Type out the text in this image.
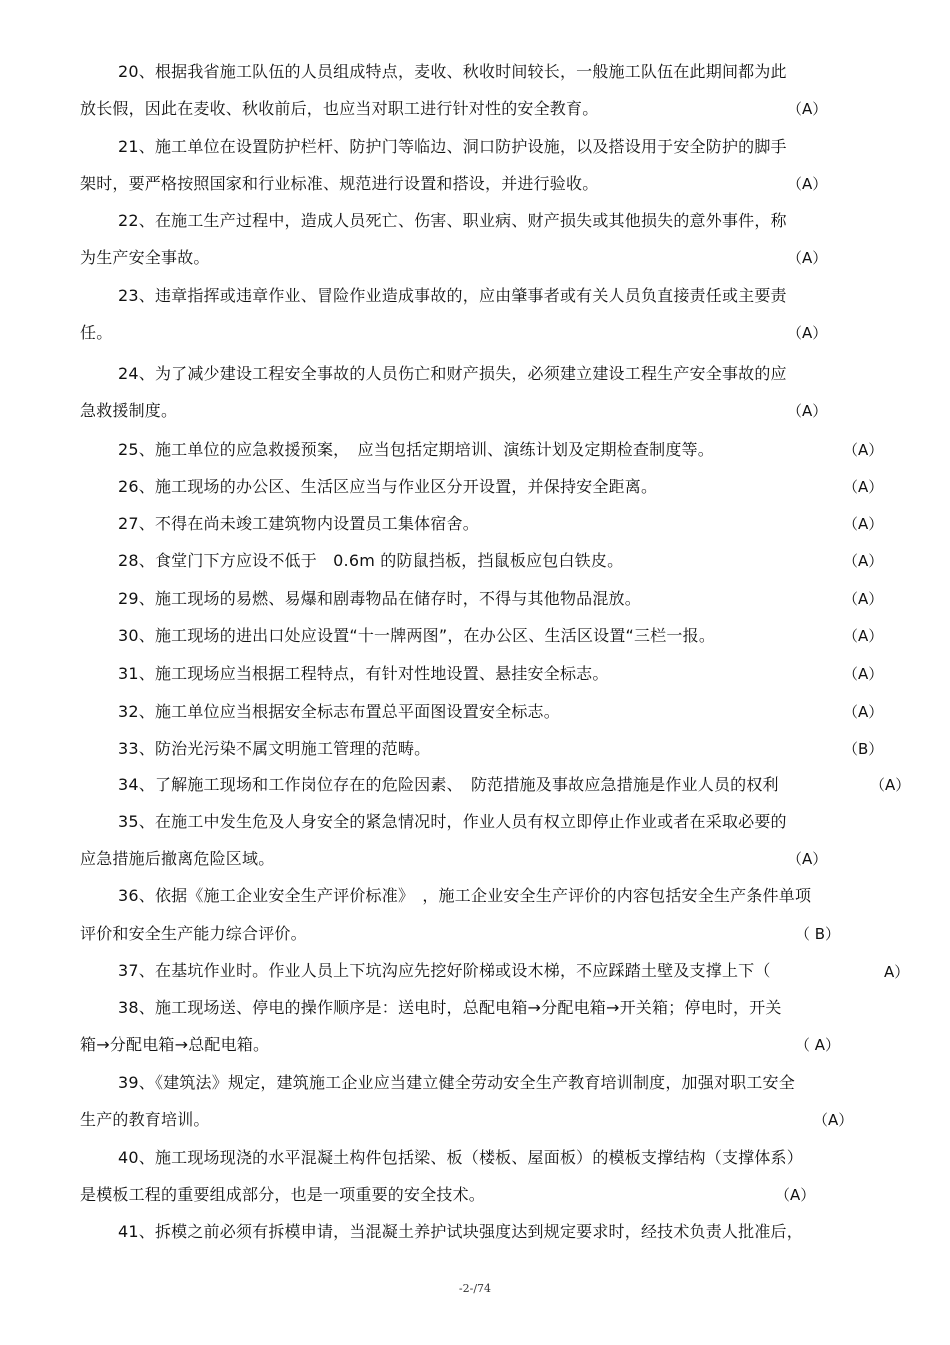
20、根据我省施工队伍的人员组成特点，麦收、秋收时间较长，一般施工队伍在此期间都为此
放长假，因此在麦收、秋收前后，也应当对职工进行针对性的安全教育。	（A）
21、施工单位在设置防护栏杆、防护门等临边、洞口防护设施，以及搭设用于安全防护的脚手
架时，要严格按照国家和行业标准、规范进行设置和搭设，并进行验收。	（A）
22、在施工生产过程中，造成人员死亡、伤害、职业病、财产损失或其他损失的意外事件，称
为生产安全事故。	（A）
23、违章指挥或违章作业、冒险作业造成事故的，应由肇事者或有关人员负直接责任或主要责
任。	（A）
24、为了减少建设工程安全事故的人员伤亡和财产损失，必须建立建设工程生产安全事故的应
急救援制度。	（A）
25、施工单位的应急救援预案，　应当包括定期培训、演练计划及定期检查制度等。	（A）
26、施工现场的办公区、生活区应当与作业区分开设置，并保持安全距离。	（A）
27、不得在尚未竣工建筑物内设置员工集体宿舍。	（A）
28、食堂门下方应设不低于　0.6m 的防鼠挡板，挡鼠板应包白铁皮。	（A）
29、施工现场的易燃、易爆和剧毒物品在储存时，不得与其他物品混放。	（A）
30、施工现场的进出口处应设置“十一牌两图”，在办公区、生活区设置“三栏一报。	（A）
31、施工现场应当根据工程特点，有针对性地设置、悬挂安全标志。	（A）
32、施工单位应当根据安全标志布置总平面图设置安全标志。	（A）
33、防治光污染不属文明施工管理的范畴。	（B）
34、了解施工现场和工作岗位存在的危险因素、　防范措施及事故应急措施是作业人员的权利	（A）
35、在施工中发生危及人身安全的紧急情况时，作业人员有权立即停止作业或者在采取必要的
应急措施后撤离危险区域。	（A）
36、依据《施工企业安全生产评价标准》　，施工企业安全生产评价的内容包括安全生产条件单项
评价和安全生产能力综合评价。	（ B）
37、在基坑作业时。作业人员上下坑沟应先挖好阶梯或设木梯，不应踩踏土壁及支撑上下（	A）
38、施工现场送、停电的操作顺序是：送电时，总配电箱→分配电箱→开关箱；停电时，开关
箱→分配电箱→总配电箱。	（ A）
39、《建筑法》规定，建筑施工企业应当建立健全劳动安全生产教育培训制度，加强对职工安全
生产的教育培训。	（A）
40、施工现场现浇的水平混凝土构件包括梁、板（楼板、屋面板）的模板支撑结构（支撑体系）
是模板工程的重要组成部分，也是一项重要的安全技术。	（A）
41、拆模之前必须有拆模申请，当混凝土养护试块强度达到规定要求时，经技术负责人批准后，
-2-/74
